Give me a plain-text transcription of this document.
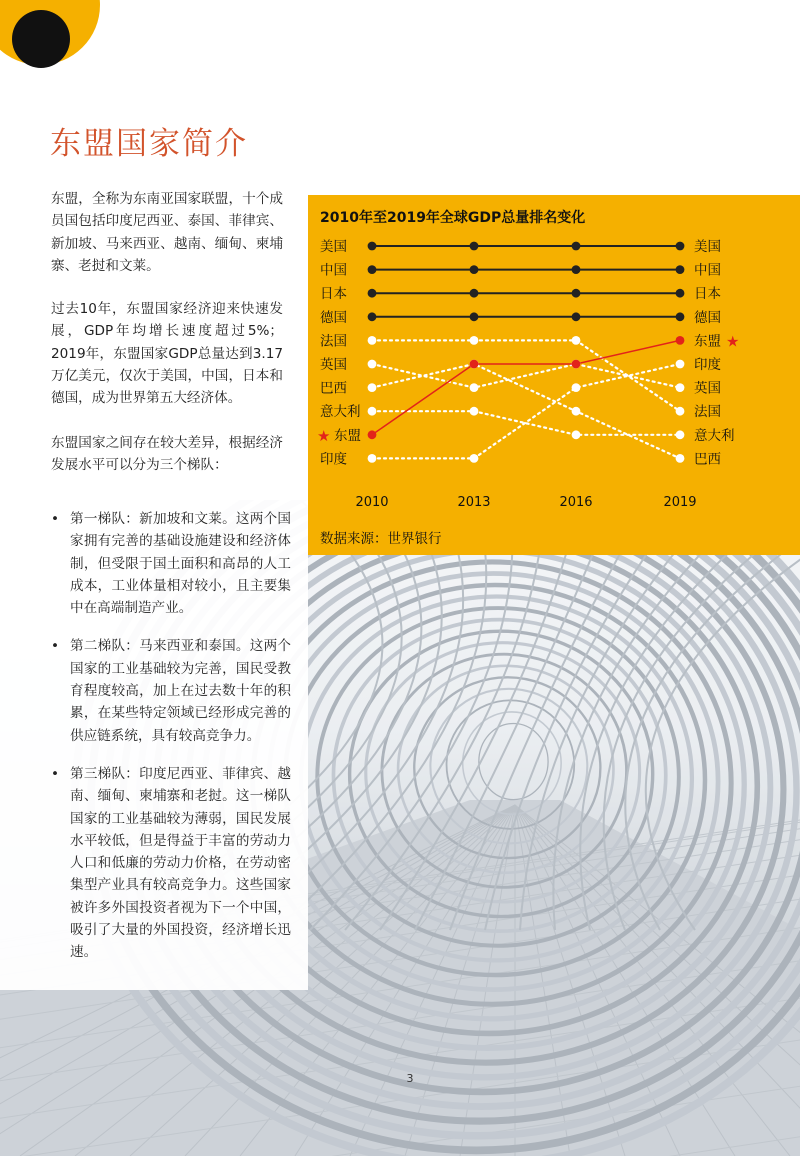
东盟国家简介

东盟，全称为东南亚国家联盟，十个成员国包括印度尼西亚、泰国、菲律宾、新加坡、马来西亚、越南、缅甸、柬埔寨、老挝和文莱。

过去10年，东盟国家经济迎来快速发展，GDP年均增长速度超过5%；2019年，东盟国家GDP总量达到3.17万亿美元，仅次于美国，中国，日本和德国，成为世界第五大经济体。

东盟国家之间存在较大差异，根据经济发展水平可以分为三个梯队：

• 第一梯队：新加坡和文莱。这两个国家拥有完善的基础设施建设和经济体制，但受限于国土面积和高昂的人工成本，工业体量相对较小，且主要集中在高端制造产业。
• 第二梯队：马来西亚和泰国。这两个国家的工业基础较为完善，国民受教育程度较高，加上在过去数十年的积累，在某些特定领域已经形成完善的供应链系统，具有较高竞争力。
• 第三梯队：印度尼西亚、菲律宾、越南、缅甸、柬埔寨和老挝。这一梯队国家的工业基础较为薄弱，国民发展水平较低，但是得益于丰富的劳动力人口和低廉的劳动力价格，在劳动密集型产业具有较高竞争力。这些国家被许多外国投资者视为下一个中国，吸引了大量的外国投资，经济增长迅速。
2010年至2019年全球GDP总量排名变化
美国
中国
日本
德国
法国
英国
巴西
意大利
东盟
印度
★
美国
中国
日本
德国
东盟
印度
英国
法国
意大利
巴西
★
2010	2013	2016	2019

数据来源：世界银行

3
